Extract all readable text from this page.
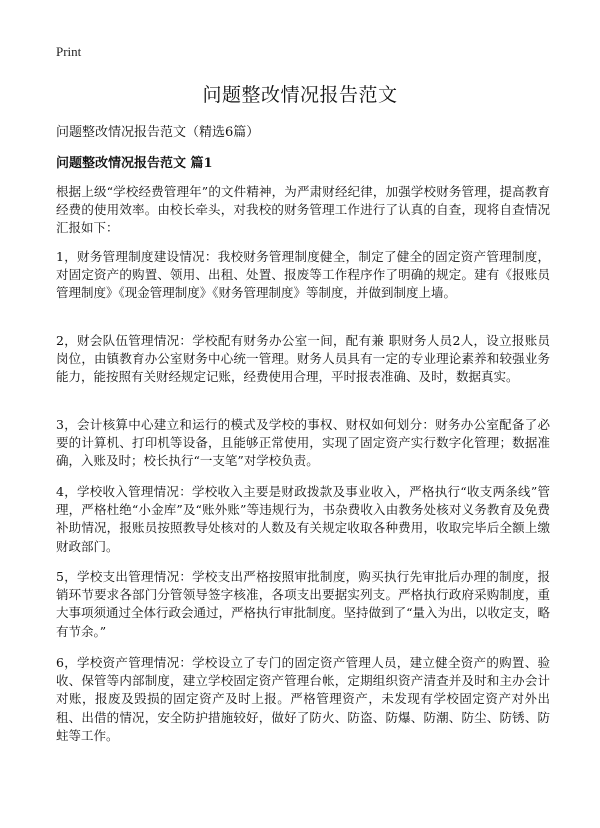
Print
问题整改情况报告范文
问题整改情况报告范文（精选6篇）
问题整改情况报告范文 篇1

根据上级“学校经费管理年”的文件精神，为严肃财经纪律，加强学校财务管理，提高教育经费的使用效率。由校长牵头，对我校的财务管理工作进行了认真的自查，现将自查情况汇报如下：

1，财务管理制度建设情况：我校财务管理制度健全，制定了健全的固定资产管理制度，对固定资产的购置、领用、出租、处置、报废等工作程序作了明确的规定。建有《报账员管理制度》《现金管理制度》《财务管理制度》等制度，并做到制度上墙。

2，财会队伍管理情况：学校配有财务办公室一间，配有兼 职财务人员2人，设立报账员岗位，由镇教育办公室财务中心统一管理。财务人员具有一定的专业理论素养和较强业务能力，能按照有关财经规定记账，经费使用合理，平时报表准确、及时，数据真实。

3，会计核算中心建立和运行的模式及学校的事权、财权如何划分：财务办公室配备了必要的计算机、打印机等设备，且能够正常使用，实现了固定资产实行数字化管理；数据准确，入账及时；校长执行“一支笔”对学校负责。

4，学校收入管理情况：学校收入主要是财政拨款及事业收入，严格执行“收支两条线”管理，严格杜绝“小金库”及“账外账”等违规行为，书杂费收入由教务处核对义务教育及免费补助情况，报账员按照教导处核对的人数及有关规定收取各种费用，收取完毕后全额上缴财政部门。

5，学校支出管理情况：学校支出严格按照审批制度，购买执行先审批后办理的制度，报销环节要求各部门分管领导签字核准，各项支出要据实列支。严格执行政府采购制度，重大事项须通过全体行政会通过，严格执行审批制度。坚持做到了“量入为出，以收定支，略有节余。”

6，学校资产管理情况：学校设立了专门的固定资产管理人员，建立健全资产的购置、验收、保管等内部制度，建立学校固定资产管理台帐，定期组织资产清查并及时和主办会计对账，报废及毁损的固定资产及时上报。严格管理资产，未发现有学校固定资产对外出租、出借的情况，安全防护措施较好，做好了防火、防盗、防爆、防潮、防尘、防锈、防蛀等工作。
